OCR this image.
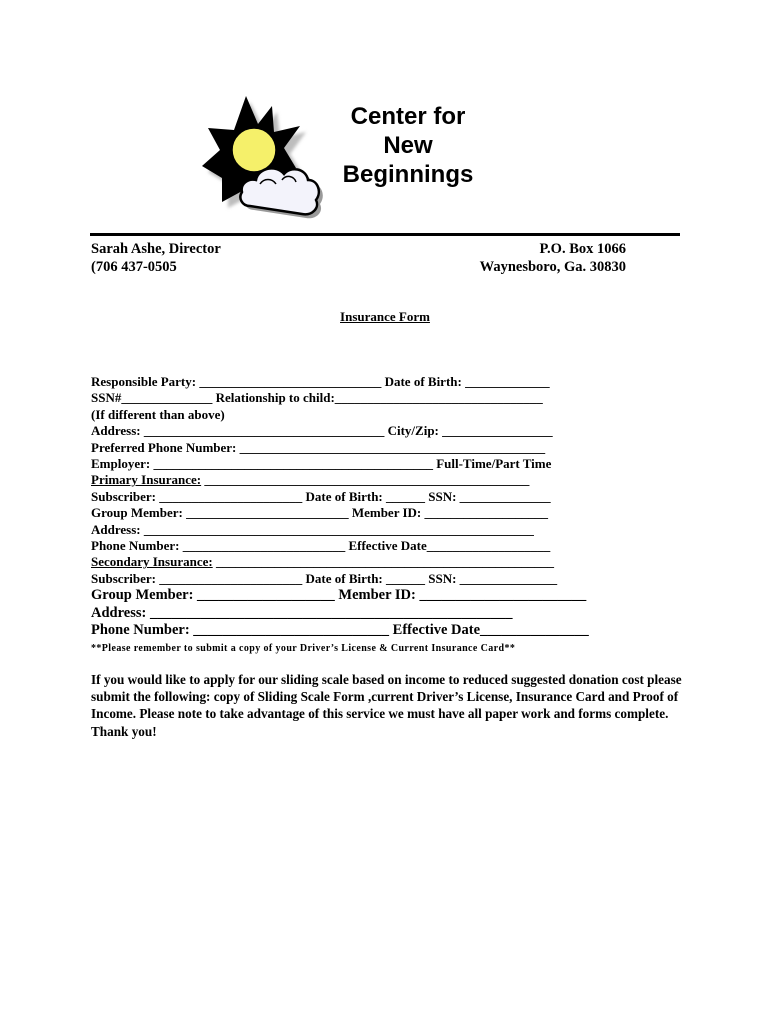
Center for
New
Beginnings
Sarah Ashe, Director
(706 437-0505
P.O. Box 1066
Waynesboro, Ga. 30830
Insurance Form
Responsible Party: ____________________________ Date of Birth: _____________
SSN#______________ Relationship to child:________________________________
(If different than above)
Address: _____________________________________ City/Zip: _________________
Preferred Phone Number: _______________________________________________
Employer: ___________________________________________ Full-Time/Part Time
Primary Insurance: __________________________________________________
Subscriber: ______________________ Date of Birth: ______ SSN: ______________
Group Member: _________________________ Member ID: ___________________
Address: ____________________________________________________________
Phone Number: _________________________ Effective Date___________________
Secondary Insurance: ____________________________________________________
Subscriber: ______________________ Date of Birth: ______ SSN: _______________
Group Member: ___________________ Member ID: _______________________
Address: __________________________________________________
Phone Number: ___________________________ Effective Date_______________
**Please remember to submit a copy of your Driver’s License & Current Insurance Card**
If you would like to apply for our sliding scale based on income to reduced suggested donation cost please submit the following: copy of Sliding Scale Form ,current Driver’s License, Insurance Card and Proof of Income. Please note to take advantage of this service we must have all paper work and forms complete. Thank you!
